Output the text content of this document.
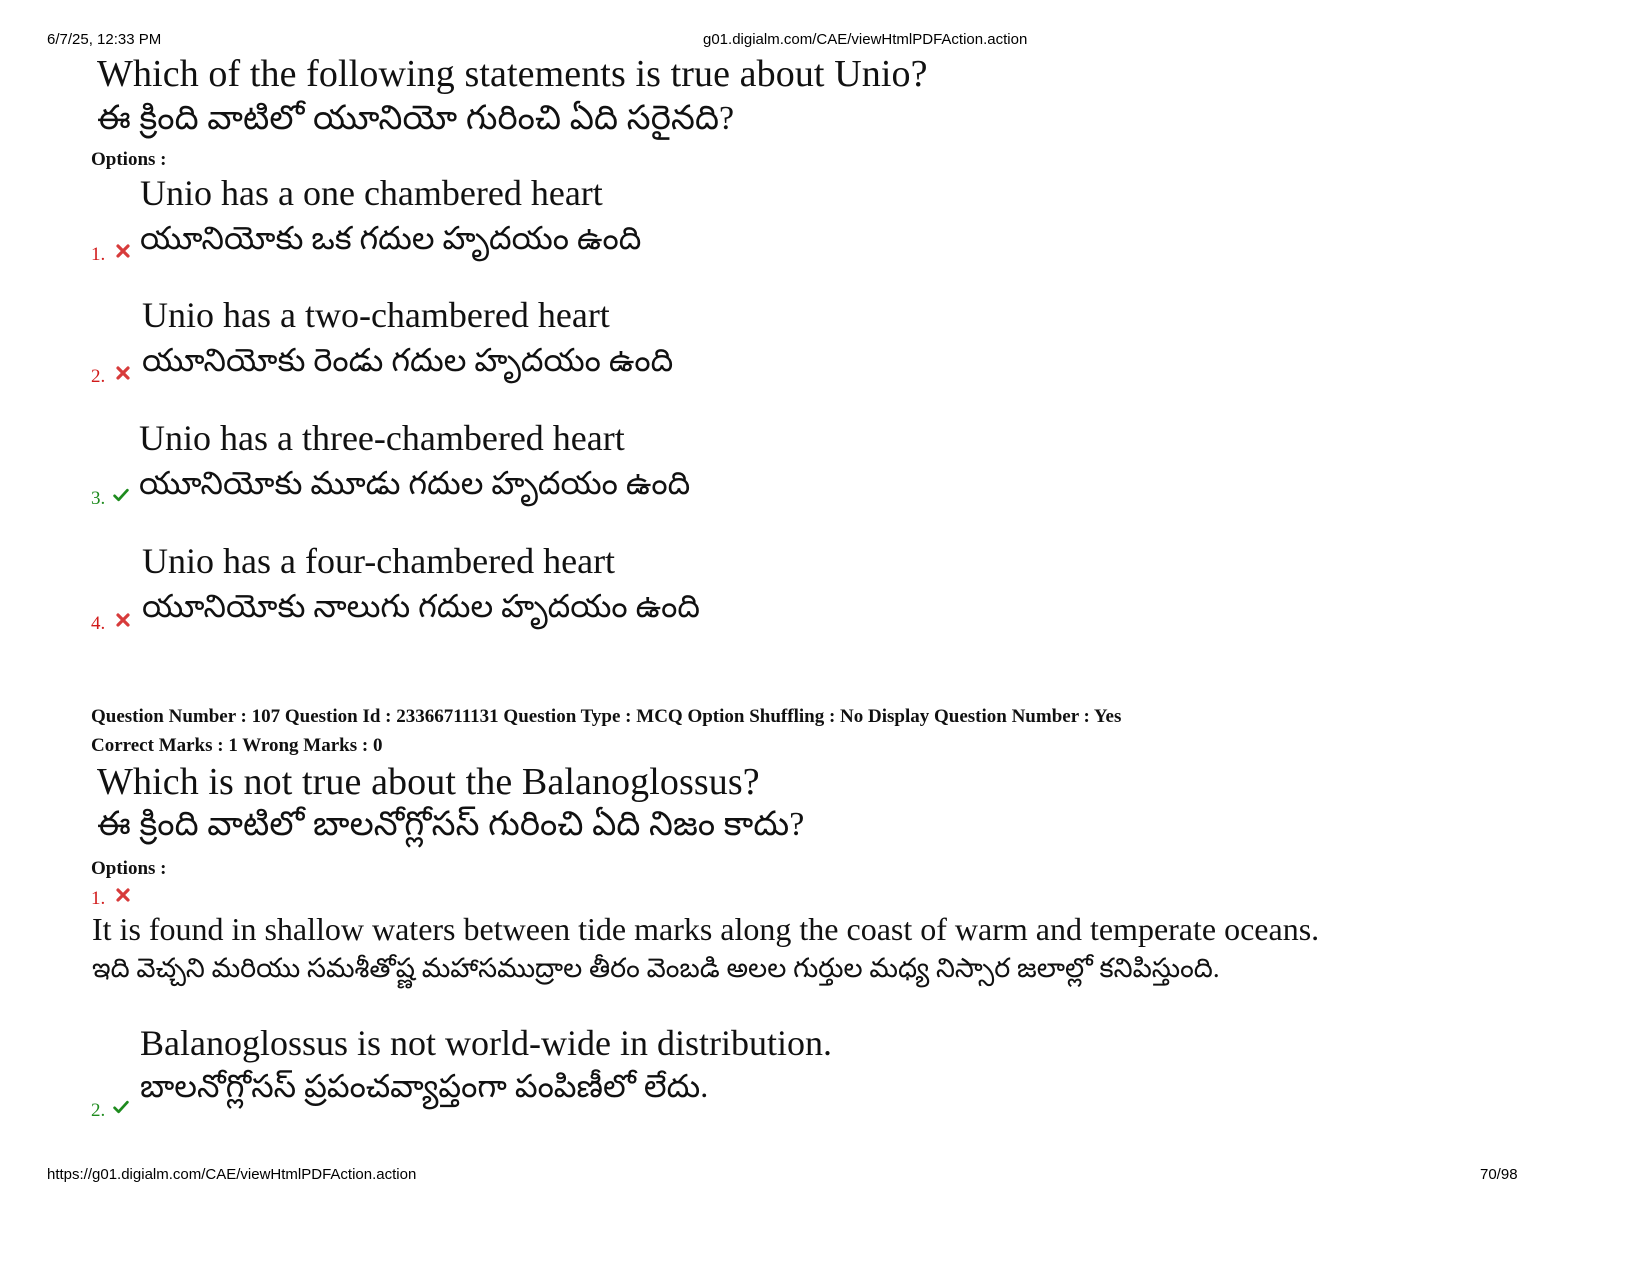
6/7/25, 12:33 PM	g01.digialm.com/CAE/viewHtmlPDFAction.action
Which of the following statements is true about Unio?
ఈ క్రింది వాటిలో యూనియో గురించి ఏది సరైనది?
Options :
Unio has a one chambered heart
1. యూనియోకు ఒక గదుల హృదయం ఉంది
Unio has a two-chambered heart
2. యూనియోకు రెండు గదుల హృదయం ఉంది
Unio has a three-chambered heart
3. యూనియోకు మూడు గదుల హృదయం ఉంది
Unio has a four-chambered heart
4. యూనియోకు నాలుగు గదుల హృదయం ఉంది
Question Number : 107 Question Id : 23366711131 Question Type : MCQ Option Shuffling : No Display Question Number : Yes
Correct Marks : 1 Wrong Marks : 0
Which is not true about the Balanoglossus?
ఈ క్రింది వాటిలో బాలనోగ్లోసస్ గురించి ఏది నిజం కాదు?
Options :
1.
It is found in shallow waters between tide marks along the coast of warm and temperate oceans.
ఇది వెచ్చని మరియు సమశీతోష్ణ మహాసముద్రాల తీరం వెంబడి అలల గుర్తుల మధ్య నిస్సార జలాల్లో కనిపిస్తుంది.
Balanoglossus is not world-wide in distribution.
2.
బాలనోగ్లోసస్ ప్రపంచవ్యాప్తంగా పంపిణీలో లేదు.
https://g01.digialm.com/CAE/viewHtmlPDFAction.action	70/98
